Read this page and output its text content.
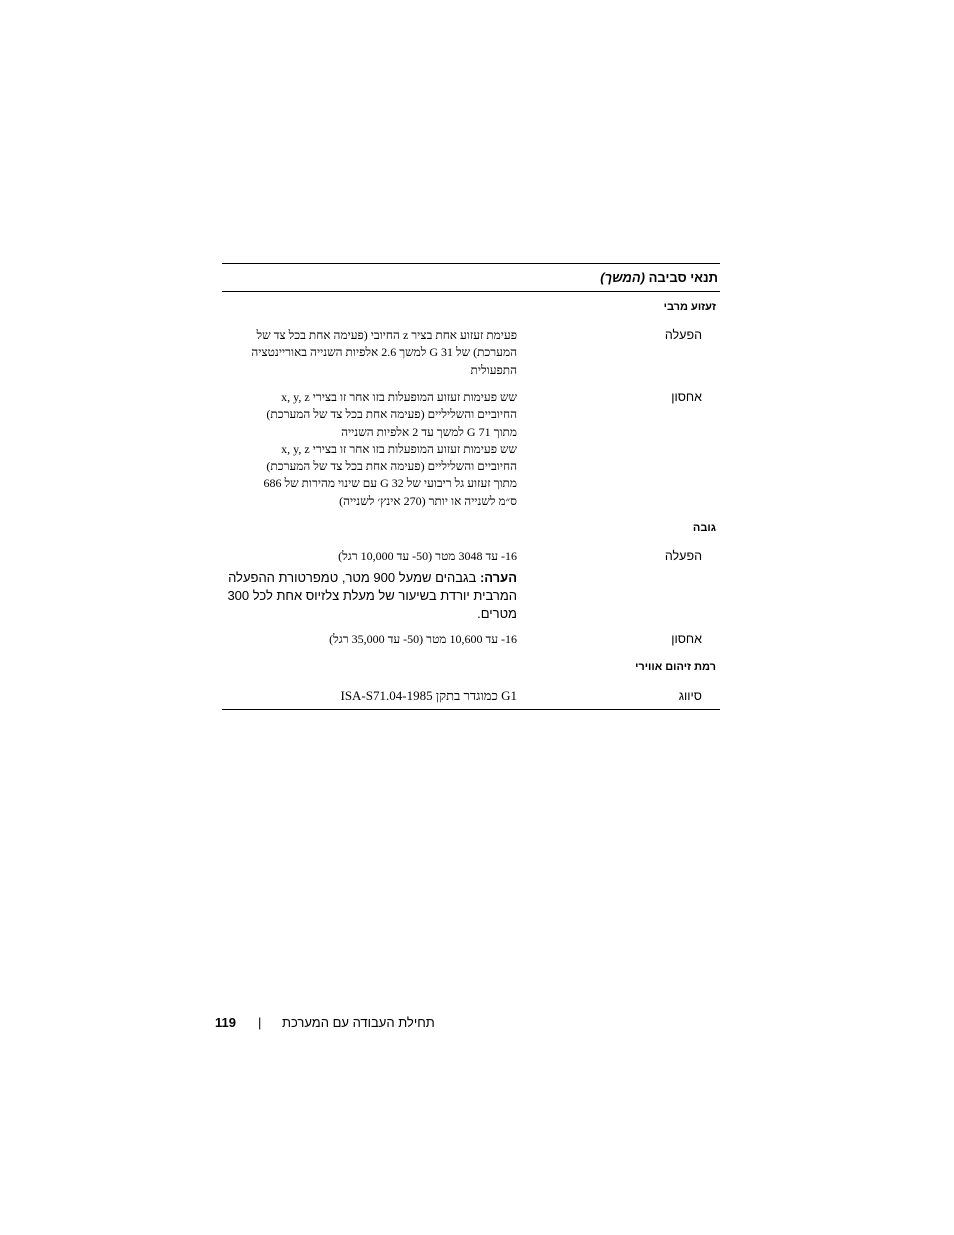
תנאי סביבה (המשך)
זעזוע מרבי
הפעלה

פעימת זעזוע אחת בציר z החיובי (פעימה אחת בכל צד של המערכת) של 31 G למשך 2.6 אלפיות השנייה באוריינטציה התפעולית

אחסון

שש פעימות זעזוע המופעלות בזו אחר זו בצירי x, y, z

החיוביים והשליליים (פעימה אחת בכל צד של המערכת)

מתוך 71 G למשך עד 2 אלפיות השנייה

שש פעימות זעזוע המופעלות בזו אחר זו בצירי x, y, z

החיוביים והשליליים (פעימה אחת בכל צד של המערכת)

מתוך זעזוע גל ריבועי של 32 G עם שינוי מהירות של 686

ס״מ לשנייה או יותר (270 אינץ׳ לשנייה)

גובה
הפעלה
‎-16 עד 3048 מטר (‎-50 עד 10,000 רגל)
הערה: בגבהים שמעל 900 מטר, טמפרטורת ההפעלה המרבית יורדת בשיעור של מעלת צלזיוס אחת לכל 300 מטרים.
אחסון
‎-16 עד 10,600 מטר (‎-50 עד 35,000 רגל)
רמת זיהום אווירי
סיווג
G1 כמוגדר בתקן ISA-S71.04-1985
תחילת העבודה עם המערכת
|
119
